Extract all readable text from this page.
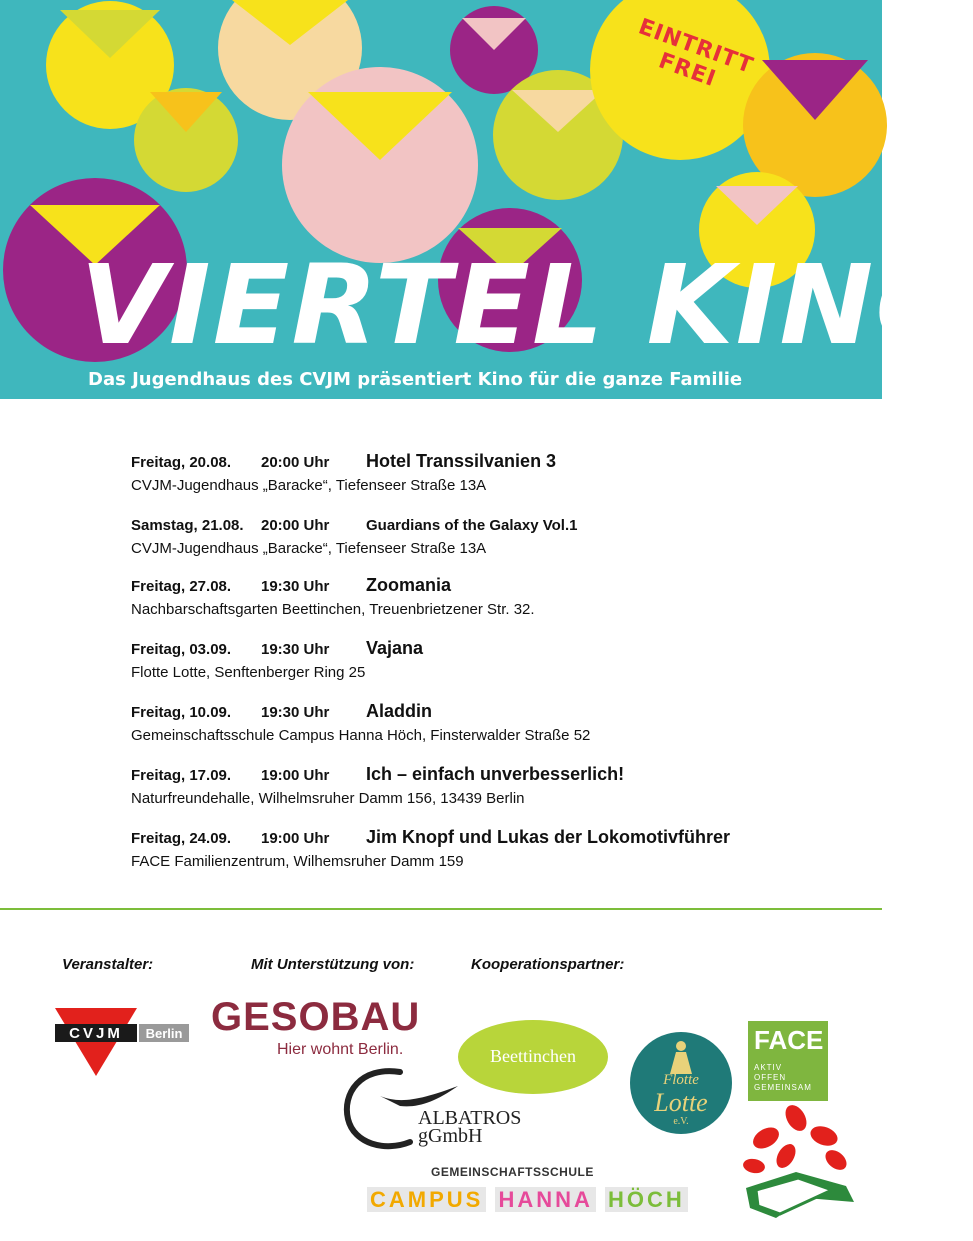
EINTRITT FREI
VIERTEL KINO
Das Jugendhaus des CVJM präsentiert Kino für die ganze Familie
Freitag, 20.08. 20:00 Uhr Hotel Transsilvanien 3
CVJM-Jugendhaus „Baracke“, Tiefenseer Straße 13A
Samstag, 21.08. 20:00 Uhr Guardians of the Galaxy Vol.1
CVJM-Jugendhaus „Baracke“, Tiefenseer Straße 13A
Freitag, 27.08. 19:30 Uhr Zoomania
Nachbarschaftsgarten Beettinchen, Treuenbrietzener Str. 32.
Freitag, 03.09. 19:30 Uhr Vajana
Flotte Lotte, Senftenberger Ring 25
Freitag, 10.09. 19:30 Uhr Aladdin
Gemeinschaftsschule Campus Hanna Höch, Finsterwalder Straße 52
Freitag, 17.09. 19:00 Uhr Ich – einfach unverbesserlich!
Naturfreundehalle, Wilhelmsruher Damm 156, 13439 Berlin
Freitag, 24.09. 19:00 Uhr Jim Knopf und Lukas der Lokomotivführer
FACE Familienzentrum, Wilhemsruher Damm 159
Veranstalter:	Mit Unterstützung von:	Kooperationspartner:
CVJM Berlin GESOBAU
Hier wohnt Berlin.	Beettinchen
ALBATROS
gGmbH
Flotte
Lotte
e.V.
FACE
AKTIV
OFFEN
GEMEINSAM
GEMEINSCHAFTSSCHULE
CAMPUS HANNA HÖCH
